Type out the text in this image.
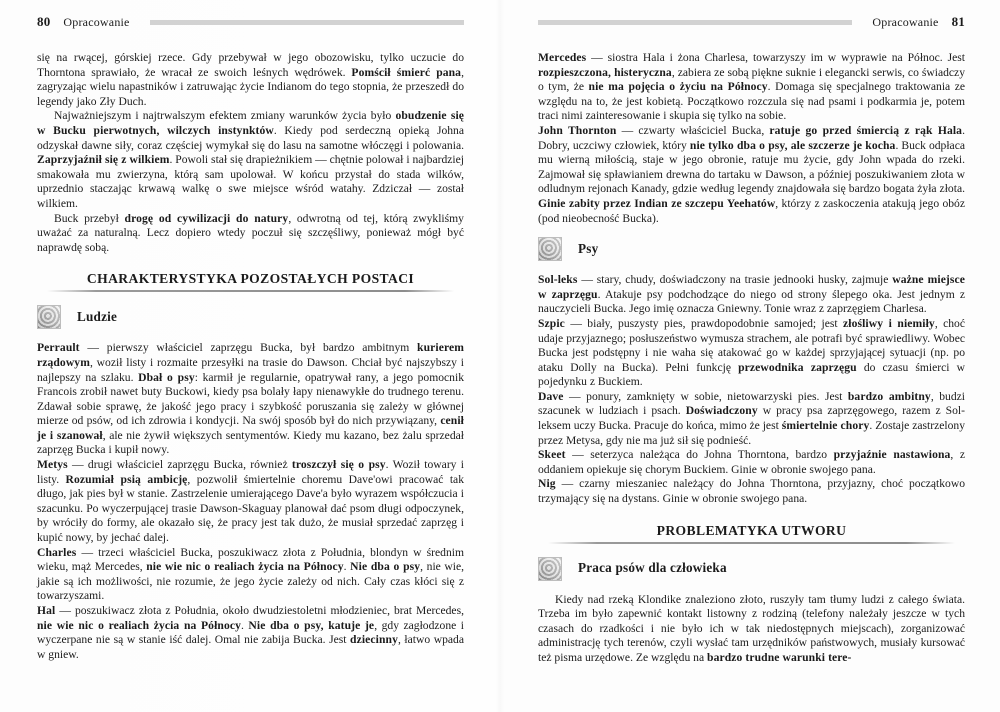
80 Opracowanie

się na rwącej, górskiej rzece. Gdy przebywał w jego obozowisku, tylko uczucie do Thorntona sprawiało, że wracał ze swoich leśnych wędrówek. Pomścił śmierć pana, zagryzając wielu napastników i zatruwając życie Indianom do tego stopnia, że przeszedł do legendy jako Zły Duch.

Najważniejszym i najtrwalszym efektem zmiany warunków życia było obudzenie się w Bucku pierwotnych, wilczych instynktów. Kiedy pod serdeczną opieką Johna odzyskał dawne siły, coraz częściej wymykał się do lasu na samotne włóczęgi i polowania. Zaprzyjaźnił się z wilkiem. Powoli stał się drapieżnikiem — chętnie polował i najbardziej smakowała mu zwierzyna, którą sam upolował. W końcu przystał do stada wilków, uprzednio staczając krwawą walkę o swe miejsce wśród watahy. Zdziczał — został wilkiem.

Buck przebył drogę od cywilizacji do natury, odwrotną od tej, którą zwykliśmy uważać za naturalną. Lecz dopiero wtedy poczuł się szczęśliwy, ponieważ mógł być naprawdę sobą.

CHARAKTERYSTYKA POZOSTAŁYCH POSTACI
Ludzie

Perrault — pierwszy właściciel zaprzęgu Bucka, był bardzo ambitnym kurierem rządowym, woził listy i rozmaite przesyłki na trasie do Dawson. Chciał być najszybszy i najlepszy na szlaku. Dbał o psy: karmił je regularnie, opatrywał rany, a jego pomocnik Francois zrobił nawet buty Buckowi, kiedy psa bolały łapy nienawykłe do trudnego terenu. Zdawał sobie sprawę, że jakość jego pracy i szybkość poruszania się zależy w głównej mierze od psów, od ich zdrowia i kondycji. Na swój sposób był do nich przywiązany, cenił je i szanował, ale nie żywił większych sentymentów. Kiedy mu kazano, bez żalu sprzedał zaprzęg Bucka i kupił nowy.

Metys — drugi właściciel zaprzęgu Bucka, również troszczył się o psy. Woził towary i listy. Rozumiał psią ambicję, pozwolił śmiertelnie choremu Dave'owi pracować tak długo, jak pies był w stanie. Zastrzelenie umierającego Dave'a było wyrazem współczucia i szacunku. Po wyczerpującej trasie Dawson-Skaguay planował dać psom długi odpoczynek, by wróciły do formy, ale okazało się, że pracy jest tak dużo, że musiał sprzedać zaprzęg i kupić nowy, by jechać dalej.

Charles — trzeci właściciel Bucka, poszukiwacz złota z Południa, blondyn w średnim wieku, mąż Mercedes, nie wie nic o realiach życia na Północy. Nie dba o psy, nie wie, jakie są ich możliwości, nie rozumie, że jego życie zależy od nich. Cały czas kłóci się z towarzyszami.

Hal — poszukiwacz złota z Południa, około dwudziestoletni młodzieniec, brat Mercedes, nie wie nic o realiach życia na Północy. Nie dba o psy, katuje je, gdy zagłodzone i wyczerpane nie są w stanie iść dalej. Omal nie zabija Bucka. Jest dziecinny, łatwo wpada w gniew.

Opracowanie 81

Mercedes — siostra Hala i żona Charlesa, towarzyszy im w wyprawie na Północ. Jest rozpieszczona, histeryczna, zabiera ze sobą piękne suknie i elegancki serwis, co świadczy o tym, że nie ma pojęcia o życiu na Północy. Domaga się specjalnego traktowania ze względu na to, że jest kobietą. Początkowo rozczula się nad psami i podkarmia je, potem traci nimi zainteresowanie i skupia się tylko na sobie.

John Thornton — czwarty właściciel Bucka, ratuje go przed śmiercią z rąk Hala. Dobry, uczciwy człowiek, który nie tylko dba o psy, ale szczerze je kocha. Buck odpłaca mu wierną miłością, staje w jego obronie, ratuje mu życie, gdy John wpada do rzeki. Zajmował się spławianiem drewna do tartaku w Dawson, a później poszukiwaniem złota w odludnym rejonach Kanady, gdzie według legendy znajdowała się bardzo bogata żyła złota. Ginie zabity przez Indian ze szczepu Yeehatów, którzy z zaskoczenia atakują jego obóz (pod nieobecność Bucka).

Psy

Sol-leks — stary, chudy, doświadczony na trasie jednooki husky, zajmuje ważne miejsce w zaprzęgu. Atakuje psy podchodzące do niego od strony ślepego oka. Jest jednym z nauczycieli Bucka. Jego imię oznacza Gniewny. Tonie wraz z zaprzęgiem Charlesa.

Szpic — biały, puszysty pies, prawdopodobnie samojed; jest złośliwy i niemiły, choć udaje przyjaznego; posłuszeństwo wymusza strachem, ale potrafi być sprawiedliwy. Wobec Bucka jest podstępny i nie waha się atakować go w każdej sprzyjającej sytuacji (np. po ataku Dolly na Bucka). Pełni funkcję przewodnika zaprzęgu do czasu śmierci w pojedynku z Buckiem.

Dave — ponury, zamknięty w sobie, nietowarzyski pies. Jest bardzo ambitny, budzi szacunek w ludziach i psach. Doświadczony w pracy psa zaprzęgowego, razem z Sol-leksem uczy Bucka. Pracuje do końca, mimo że jest śmiertelnie chory. Zostaje zastrzelony przez Metysa, gdy nie ma już sił się podnieść.

Skeet — seterzyca należąca do Johna Thorntona, bardzo przyjaźnie nastawiona, z oddaniem opiekuje się chorym Buckiem. Ginie w obronie swojego pana.

Nig — czarny mieszaniec należący do Johna Thorntona, przyjazny, choć początkowo trzymający się na dystans. Ginie w obronie swojego pana.

PROBLEMATYKA UTWORU
Praca psów dla człowieka

Kiedy nad rzeką Klondike znaleziono złoto, ruszyły tam tłumy ludzi z całego świata. Trzeba im było zapewnić kontakt listowny z rodziną (telefony należały jeszcze w tych czasach do rzadkości i nie było ich w tak niedostępnych miejscach), zorganizować administrację tych terenów, czyli wysłać tam urzędników państwowych, musiały kursować też pisma urzędowe. Ze względu na bardzo trudne warunki tere-
